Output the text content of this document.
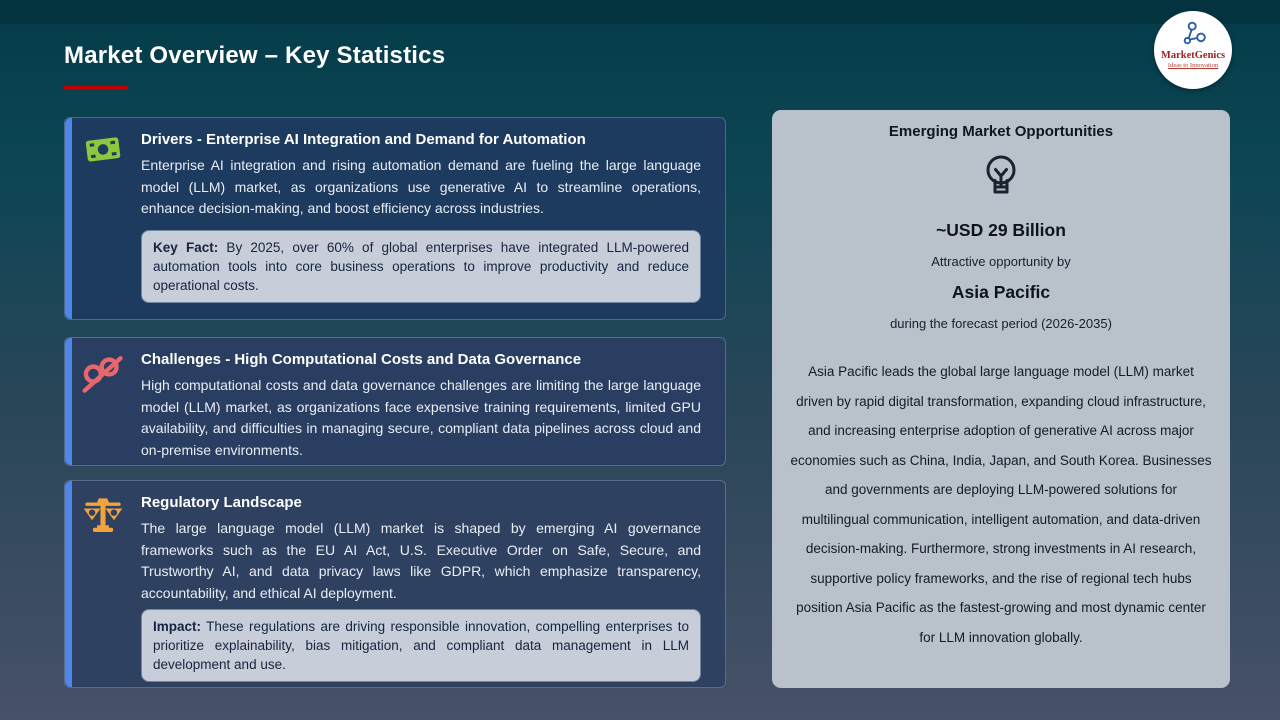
Market Overview – Key Statistics	MarketGenics
Ideas to Innovation
Drivers - Enterprise AI Integration and Demand for Automation
Enterprise AI integration and rising automation demand are fueling the large language model (LLM) market, as organizations use generative AI to streamline operations, enhance decision-making, and boost efficiency across industries.
Key Fact: By 2025, over 60% of global enterprises have integrated LLM-powered automation tools into core business operations to improve productivity and reduce operational costs.
Challenges - High Computational Costs and Data Governance
High computational costs and data governance challenges are limiting the large language model (LLM) market, as organizations face expensive training requirements, limited GPU availability, and difficulties in managing secure, compliant data pipelines across cloud and on-premise environments.
Regulatory Landscape
The large language model (LLM) market is shaped by emerging AI governance frameworks such as the EU AI Act, U.S. Executive Order on Safe, Secure, and Trustworthy AI, and data privacy laws like GDPR, which emphasize transparency, accountability, and ethical AI deployment.
Impact: These regulations are driving responsible innovation, compelling enterprises to prioritize explainability, bias mitigation, and compliant data management in LLM development and use.
Emerging Market Opportunities
~USD 29 Billion
Attractive opportunity by
Asia Pacific
during the forecast period (2026-2035)
Asia Pacific leads the global large language model (LLM) market driven by rapid digital transformation, expanding cloud infrastructure, and increasing enterprise adoption of generative AI across major economies such as China, India, Japan, and South Korea. Businesses and governments are deploying LLM-powered solutions for multilingual communication, intelligent automation, and data-driven decision-making. Furthermore, strong investments in AI research, supportive policy frameworks, and the rise of regional tech hubs position Asia Pacific as the fastest-growing and most dynamic center for LLM innovation globally.
